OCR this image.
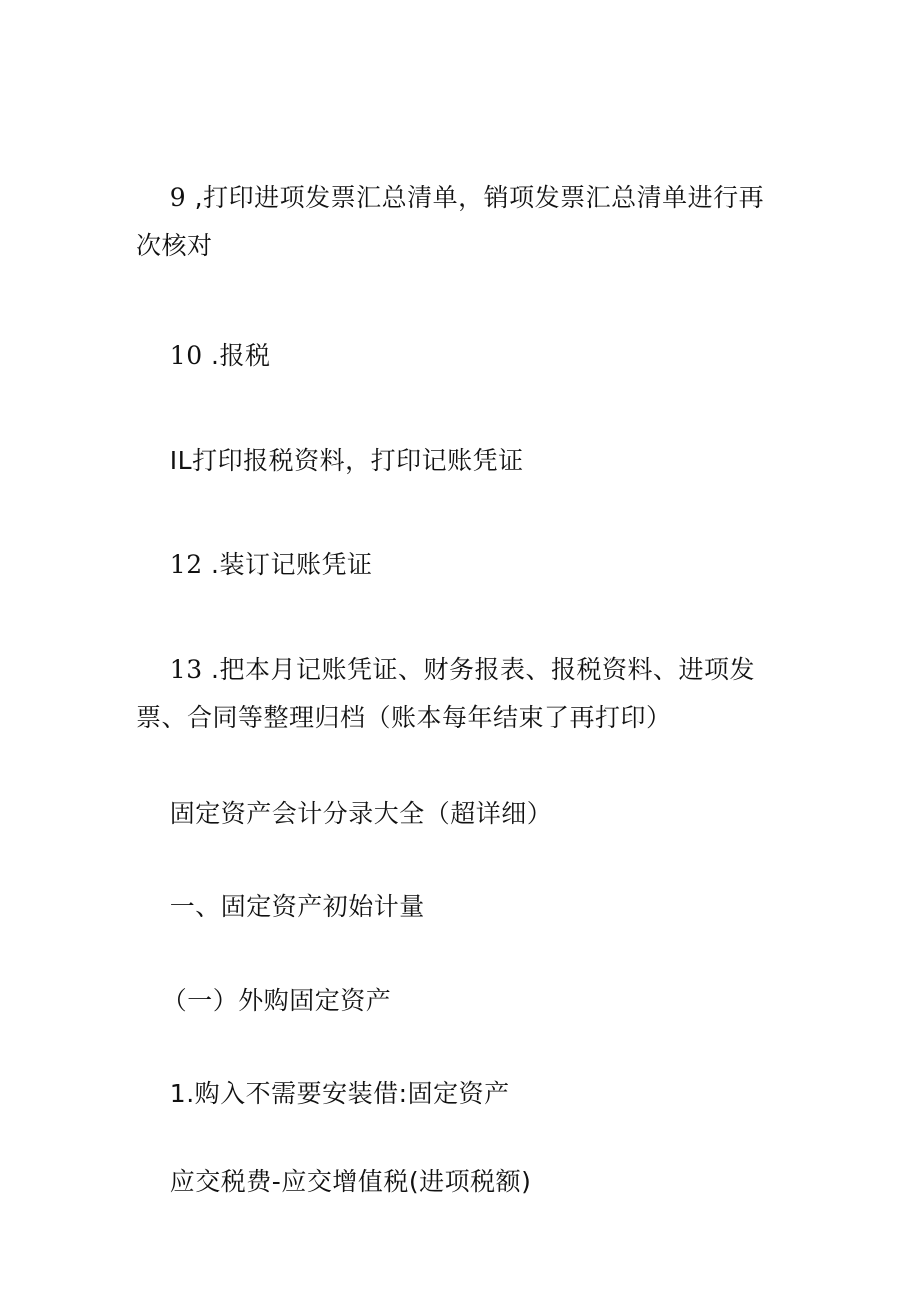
9 ,打印进项发票汇总清单，销项发票汇总清单进行再次核对

10 .报税

IL打印报税资料，打印记账凭证

12 .装订记账凭证

13 .把本月记账凭证、财务报表、报税资料、进项发票、合同等整理归档（账本每年结束了再打印）

固定资产会计分录大全（超详细）

一、固定资产初始计量

（一）外购固定资产

1.购入不需要安装借:固定资产

应交税费-应交增值税(进项税额)
